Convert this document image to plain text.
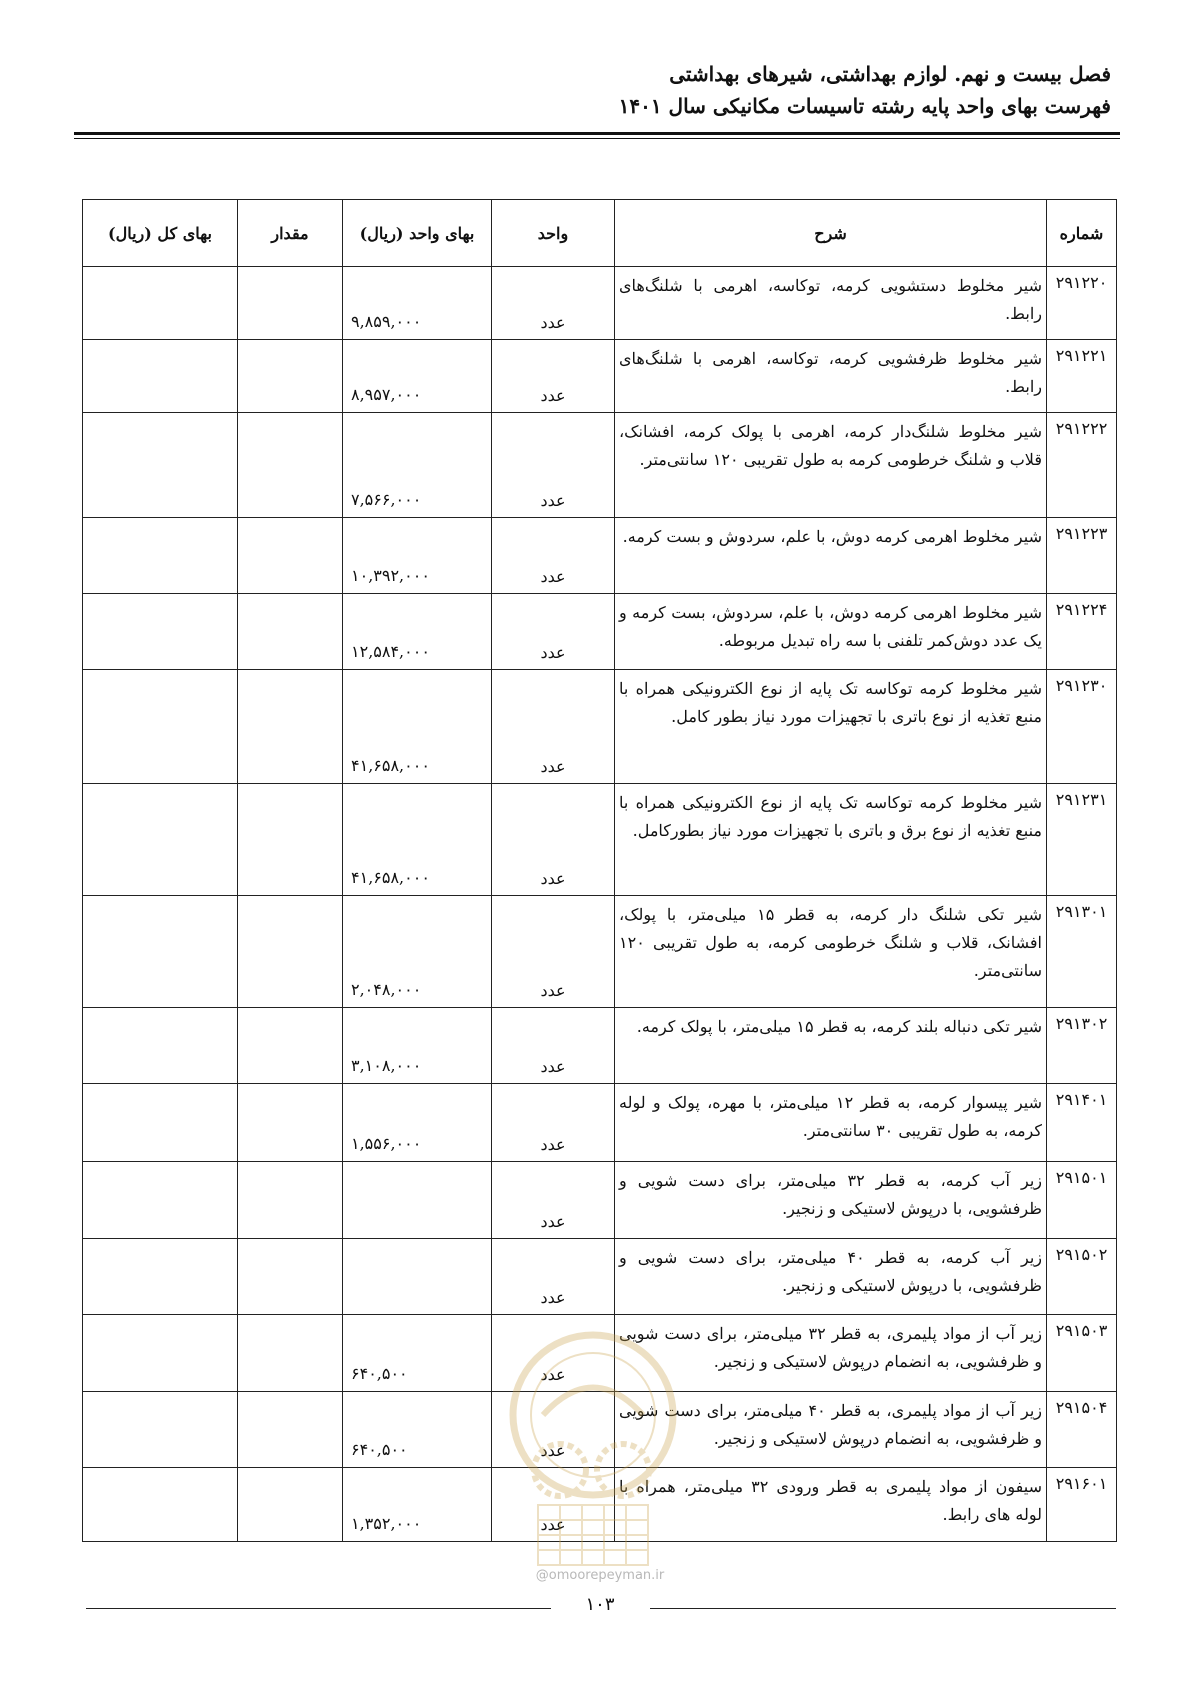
فصل بیست و نهم. لوازم بهداشتی، شیرهای بهداشتی
فهرست بهای واحد پایه رشته تاسیسات مکانیکی سال ۱۴۰۱
شماره	شرح	واحد	بهای واحد (ریال)	مقدار	بهای کل (ریال)
۲۹۱۲۲۰	شیر مخلوط دستشویی کرمه، توکاسه، اهرمی با شلنگ‌های رابط.	عدد	۹,۸۵۹,۰۰۰		
۲۹۱۲۲۱	شیر مخلوط ظرفشویی کرمه، توکاسه، اهرمی با شلنگ‌های رابط.	عدد	۸,۹۵۷,۰۰۰		
۲۹۱۲۲۲	شیر مخلوط شلنگ‌دار کرمه، اهرمی با پولک کرمه، افشانک، قلاب و شلنگ خرطومی کرمه به طول تقریبی ۱۲۰ سانتی‌متر.	عدد	۷,۵۶۶,۰۰۰		
۲۹۱۲۲۳	شیر مخلوط اهرمی کرمه دوش، با علم، سردوش و بست کرمه.	عدد	۱۰,۳۹۲,۰۰۰		
۲۹۱۲۲۴	شیر مخلوط اهرمی کرمه دوش، با علم، سردوش، بست کرمه و یک عدد دوش‌کمر تلفنی با سه راه تبدیل مربوطه.	عدد	۱۲,۵۸۴,۰۰۰		
۲۹۱۲۳۰	شیر مخلوط کرمه توکاسه تک پایه از نوع الکترونیکی همراه با منبع تغذیه از نوع باتری با تجهیزات مورد نیاز بطور کامل.	عدد	۴۱,۶۵۸,۰۰۰		
۲۹۱۲۳۱	شیر مخلوط کرمه توکاسه تک پایه از نوع الکترونیکی همراه با منبع تغذیه از نوع برق و باتری با تجهیزات مورد نیاز بطورکامل.	عدد	۴۱,۶۵۸,۰۰۰		
۲۹۱۳۰۱	شیر تکی شلنگ دار کرمه، به قطر ۱۵ میلی‌متر، با پولک، افشانک، قلاب و شلنگ خرطومی کرمه، به طول تقریبی ۱۲۰ سانتی‌متر.	عدد	۲,۰۴۸,۰۰۰		
۲۹۱۳۰۲	شیر تکی دنباله بلند کرمه، به قطر ۱۵ میلی‌متر، با پولک کرمه.	عدد	۳,۱۰۸,۰۰۰		
۲۹۱۴۰۱	شیر پیسوار کرمه، به قطر ۱۲ میلی‌متر، با مهره، پولک و لوله کرمه، به طول تقریبی ۳۰ سانتی‌متر.	عدد	۱,۵۵۶,۰۰۰		
۲۹۱۵۰۱	زیر آب کرمه، به قطر ۳۲ میلی‌متر، برای دست شویی و ظرفشویی، با درپوش لاستیکی و زنجیر.	عدد			
۲۹۱۵۰۲	زیر آب کرمه، به قطر ۴۰ میلی‌متر، برای دست شویی و ظرفشویی، با درپوش لاستیکی و زنجیر.	عدد			
۲۹۱۵۰۳	زیر آب از مواد پلیمری، به قطر ۳۲ میلی‌متر، برای دست شویی و ظرفشویی، به انضمام درپوش لاستیکی و زنجیر.	عدد	۶۴۰,۵۰۰		
۲۹۱۵۰۴	زیر آب از مواد پلیمری، به قطر ۴۰ میلی‌متر، برای دست شویی و ظرفشویی، به انضمام درپوش لاستیکی و زنجیر.	عدد	۶۴۰,۵۰۰		
۲۹۱۶۰۱	سیفون از مواد پلیمری به قطر ورودی ۳۲ میلی‌متر، همراه با لوله های رابط.	عدد	۱,۳۵۲,۰۰۰		
@omoorepeyman.ir
۱۰۳
